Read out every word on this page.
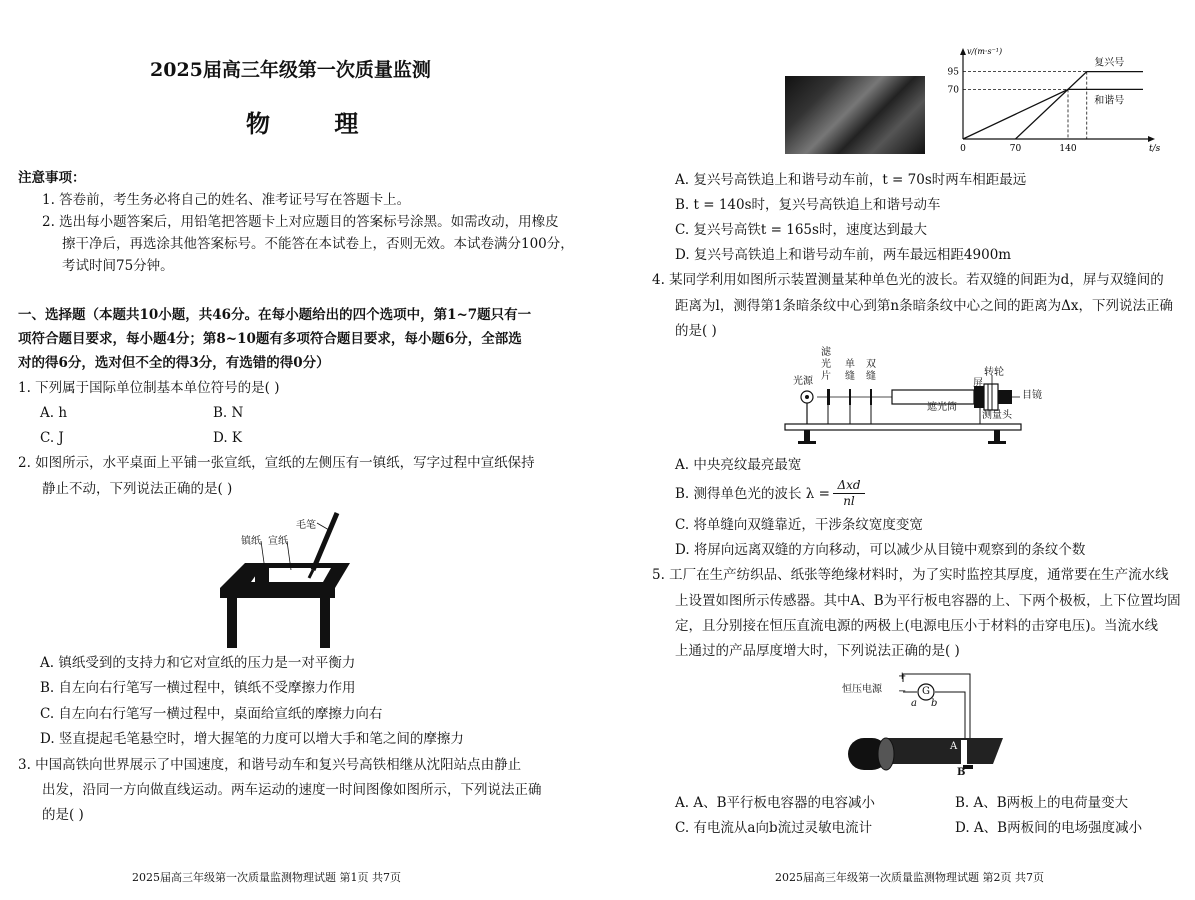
2025届高三年级第一次质量监测
物 理
注意事项：
1. 答卷前，考生务必将自己的姓名、准考证号写在答题卡上。
2. 选出每小题答案后，用铅笔把答题卡上对应题目的答案标号涂黑。如需改动，用橡皮
擦干净后，再选涂其他答案标号。不能答在本试卷上，否则无效。本试卷满分100分，
考试时间75分钟。
一、选择题（本题共10小题，共46分。在每小题给出的四个选项中，第1~7题只有一
项符合题目要求，每小题4分；第8~10题有多项符合题目要求，每小题6分，全部选
对的得6分，选对但不全的得3分，有选错的得0分）
1. 下列属于国际单位制基本单位符号的是( )
A. h	B. N
C. J	D. K
2. 如图所示，水平桌面上平铺一张宣纸，宣纸的左侧压有一镇纸，写字过程中宣纸保持
静止不动，下列说法正确的是( )
毛笔
镇纸 宣纸
A. 镇纸受到的支持力和它对宣纸的压力是一对平衡力
B. 自左向右行笔写一横过程中，镇纸不受摩擦力作用
C. 自左向右行笔写一横过程中，桌面给宣纸的摩擦力向右
D. 竖直提起毛笔悬空时，增大握笔的力度可以增大手和笔之间的摩擦力
3. 中国高铁向世界展示了中国速度，和谐号动车和复兴号高铁相继从沈阳站点由静止
出发，沿同一方向做直线运动。两车运动的速度一时间图像如图所示，下列说法正确
的是( )
2025届高三年级第一次质量监测物理试题 第1页 共7页
v/(m·s⁻¹)
t/s
0	70	140
70
95
复兴号
和谐号
A. 复兴号高铁追上和谐号动车前，t = 70s时两车相距最远
B. t = 140s时，复兴号高铁追上和谐号动车
C. 复兴号高铁t = 165s时，速度达到最大
D. 复兴号高铁追上和谐号动车前，两车最远相距4900m
4. 某同学利用如图所示装置测量某种单色光的波长。若双缝的间距为d，屏与双缝间的
距离为l，测得第1条暗条纹中心到第n条暗条纹中心之间的距离为Δx，下列说法正确
的是( )
光源
滤光片
单缝
双缝
屏
转轮
目镜
遮光筒
测量头
A. 中央亮纹最亮最宽
B. 测得单色光的波长 λ =
Δxd
nl
C. 将单缝向双缝靠近，干涉条纹宽度变宽
D. 将屏向远离双缝的方向移动，可以减少从目镜中观察到的条纹个数
5. 工厂在生产纺织品、纸张等绝缘材料时，为了实时监控其厚度，通常要在生产流水线
上设置如图所示传感器。其中A、B为平行板电容器的上、下两个极板，上下位置均固
定，且分别接在恒压直流电源的两极上(电源电压小于材料的击穿电压)。当流水线
上通过的产品厚度增大时，下列说法正确的是( )
恒压电源
+
− G
a b
A
B
A. A、B平行板电容器的电容减小	B. A、B两板上的电荷量变大
C. 有电流从a向b流过灵敏电流计	D. A、B两板间的电场强度减小
2025届高三年级第一次质量监测物理试题 第2页 共7页
